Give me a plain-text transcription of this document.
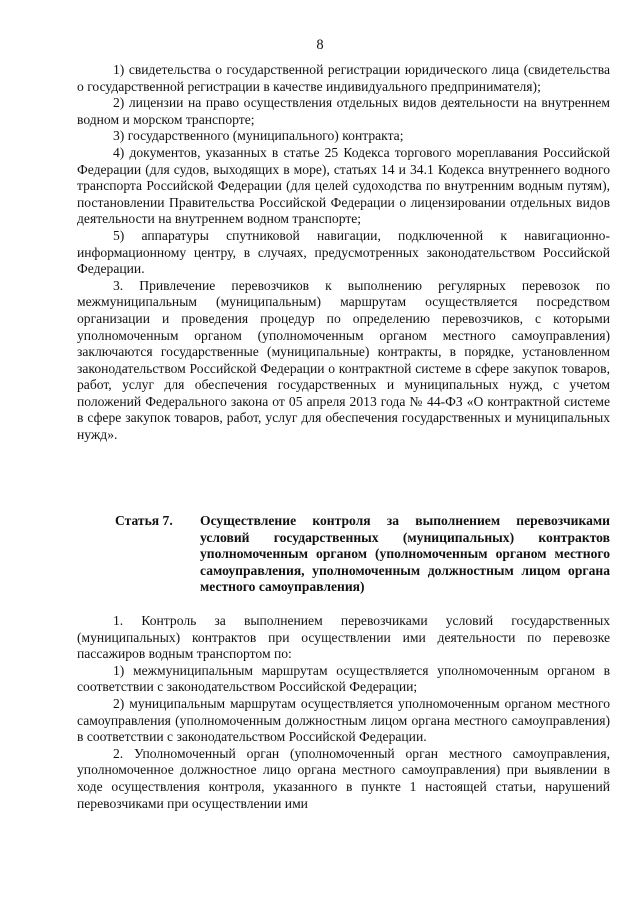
8

1) свидетельства о государственной регистрации юридического лица (свидетельства о государственной регистрации в качестве индивидуального предпринимателя);

2) лицензии на право осуществления отдельных видов деятельности на внутреннем водном и морском транспорте;

3) государственного (муниципального) контракта;

4) документов, указанных в статье 25 Кодекса торгового мореплавания Российской Федерации (для судов, выходящих в море), статьях 14 и 34.1 Кодекса внутреннего водного транспорта Российской Федерации (для целей судоходства по внутренним водным путям), постановлении Правительства Российской Федерации о лицензировании отдельных видов деятельности на внутреннем водном транспорте;

5) аппаратуры спутниковой навигации, подключенной к навигационно-информационному центру, в случаях, предусмотренных законодательством Российской Федерации.

3. Привлечение перевозчиков к выполнению регулярных перевозок по межмуниципальным (муниципальным) маршрутам осуществляется посредством организации и проведения процедур по определению перевозчиков, с которыми уполномоченным органом (уполномоченным органом местного самоуправления) заключаются государственные (муниципальные) контракты, в порядке, установленном законодательством Российской Федерации о контрактной системе в сфере закупок товаров, работ, услуг для обеспечения государственных и муниципальных нужд, с учетом положений Федерального закона от 05 апреля 2013 года № 44-ФЗ «О контрактной системе в сфере закупок товаров, работ, услуг для обеспечения государственных и муниципальных нужд».

Статья 7. Осуществление контроля за выполнением перевозчиками условий государственных (муниципальных) контрактов уполномоченным органом (уполномоченным органом местного самоуправления, уполномоченным должностным лицом органа местного самоуправления)

1. Контроль за выполнением перевозчиками условий государственных (муниципальных) контрактов при осуществлении ими деятельности по перевозке пассажиров водным транспортом по:

1) межмуниципальным маршрутам осуществляется уполномоченным органом в соответствии с законодательством Российской Федерации;

2) муниципальным маршрутам осуществляется уполномоченным органом местного самоуправления (уполномоченным должностным лицом органа местного самоуправления) в соответствии с законодательством Российской Федерации.

2. Уполномоченный орган (уполномоченный орган местного самоуправления, уполномоченное должностное лицо органа местного самоуправления) при выявлении в ходе осуществления контроля, указанного в пункте 1 настоящей статьи, нарушений перевозчиками при осуществлении ими
